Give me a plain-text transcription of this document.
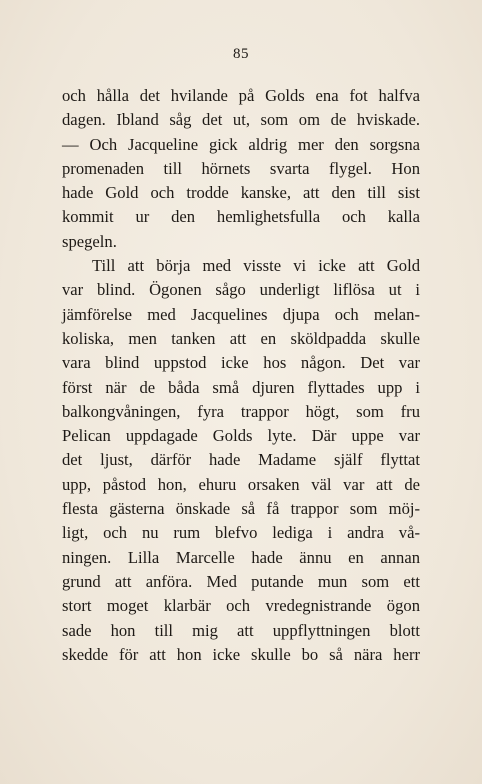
85
och hålla det hvilande på Golds ena fot halfva
dagen. Ibland såg det ut, som om de hviskade.
— Och Jacqueline gick aldrig mer den sorgsna
promenaden till hörnets svarta flygel. Hon
hade Gold och trodde kanske, att den till sist
kommit ur den hemlighetsfulla och kalla
spegeln.
Till att börja med visste vi icke att Gold
var blind. Ögonen sågo underligt liflösa ut i
jämförelse med Jacquelines djupa och melan-
koliska, men tanken att en sköldpadda skulle
vara blind uppstod icke hos någon. Det var
först när de båda små djuren flyttades upp i
balkongvåningen, fyra trappor högt, som fru
Pelican uppdagade Golds lyte. Där uppe var
det ljust, därför hade Madame själf flyttat
upp, påstod hon, ehuru orsaken väl var att de
flesta gästerna önskade så få trappor som möj-
ligt, och nu rum blefvo lediga i andra vå-
ningen. Lilla Marcelle hade ännu en annan
grund att anföra. Med putande mun som ett
stort moget klarbär och vredegnistrande ögon
sade hon till mig att uppflyttningen blott
skedde för att hon icke skulle bo så nära herr
